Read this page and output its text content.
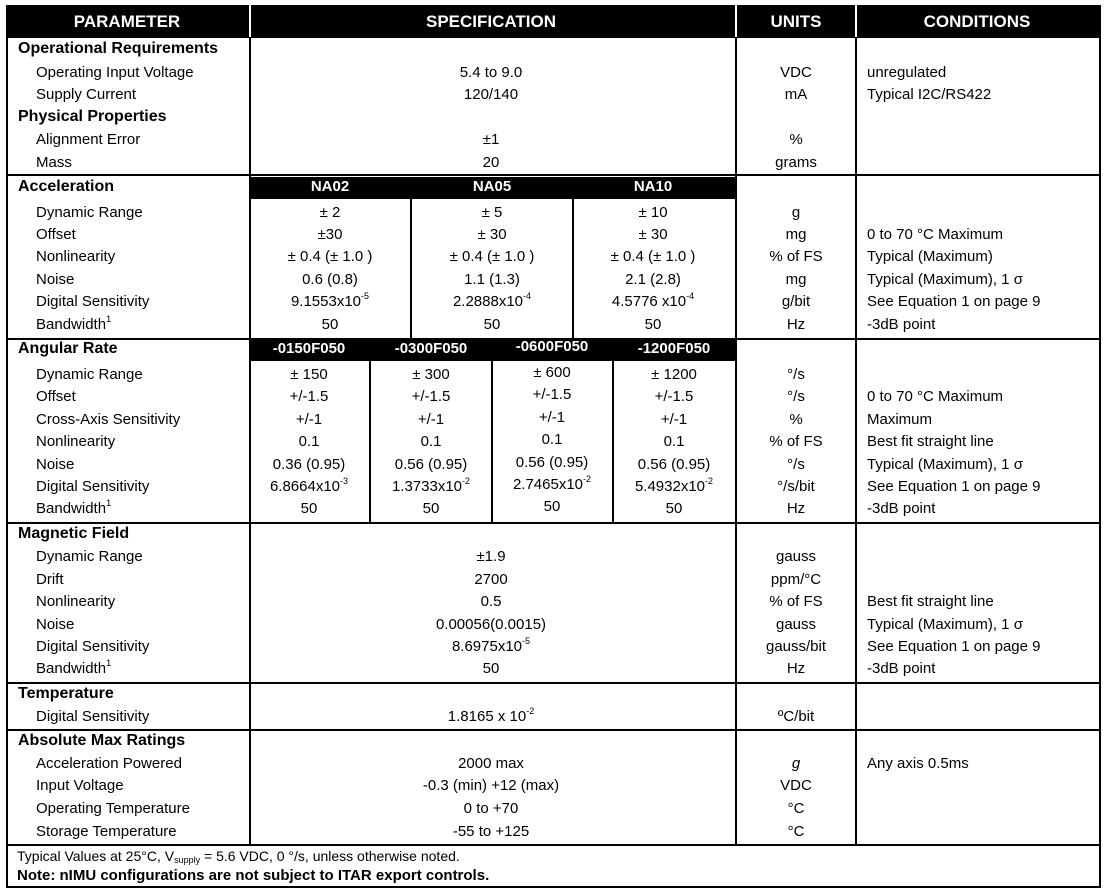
PARAMETER	SPECIFICATION	UNITS	CONDITIONS
Operational Requirements
Operating Input Voltage	5.4 to 9.0	VDC	unregulated
Supply Current	120/140	mA	Typical I2C/RS422
Physical Properties
Alignment Error	±1	%
Mass	20	grams
Acceleration	NA02	NA05	NA10
Dynamic Range	± 2	± 5	± 10	g
Offset	±30	± 30	± 30	mg	0 to 70 °C Maximum
Nonlinearity	± 0.4 (± 1.0 )	± 0.4 (± 1.0 )	± 0.4 (± 1.0 )	% of FS	Typical (Maximum)
Noise	0.6 (0.8)	1.1 (1.3)	2.1 (2.8)	mg	Typical (Maximum), 1 σ
Digital Sensitivity	$9.1553x10^{-5}$	$2.2888x10^{-4}$	4.5776 $x10^{-4}$	g/bit	See Equation 1 on page 9
Bandwidth$^1$	50	50	50	Hz	-3dB point
Angular Rate	-0150F050	-0300F050	-0600F050	-1200F050
Dynamic Range	± 150	± 300	± 600	± 1200	°/s
Offset	+/-1.5	+/-1.5	+/-1.5	+/-1.5	°/s	0 to 70 °C Maximum
Cross-Axis Sensitivity	+/-1	+/-1	+/-1	+/-1	%	Maximum
Nonlinearity	0.1	0.1	0.1	0.1	% of FS	Best fit straight line
Noise	0.36 (0.95)	0.56 (0.95)	0.56 (0.95)	0.56 (0.95)	°/s	Typical (Maximum), 1 σ
Digital Sensitivity	$6.8664x10^{-3}$	$1.3733x10^{-2}$	$2.7465x10^{-2}$	$5.4932x10^{-2}$	°/s/bit	See Equation 1 on page 9
Bandwidth$^1$	50	50	50	50	Hz	-3dB point
Magnetic Field
Dynamic Range	±1.9	gauss
Drift	2700	ppm/°C
Nonlinearity	0.5	% of FS	Best fit straight line
Noise	0.00056(0.0015)	gauss	Typical (Maximum), 1 σ
Digital Sensitivity	$8.6975x10^{-5}$	gauss/bit	See Equation 1 on page 9
Bandwidth$^1$	50	Hz	-3dB point
Temperature
Digital Sensitivity	1.8165 x $10^{-2}$	ºC/bit
Absolute Max Ratings
Acceleration Powered	2000 max	g	Any axis 0.5ms
Input Voltage	-0.3 (min) +12 (max)	VDC
Operating Temperature	0 to +70	°C
Storage Temperature	-55 to +125	°C
Typical Values at 25°C, $V_{supply} = 5.6$ VDC, 0 °/s, unless otherwise noted.
Note: nIMU configurations are not subject to ITAR export controls.
